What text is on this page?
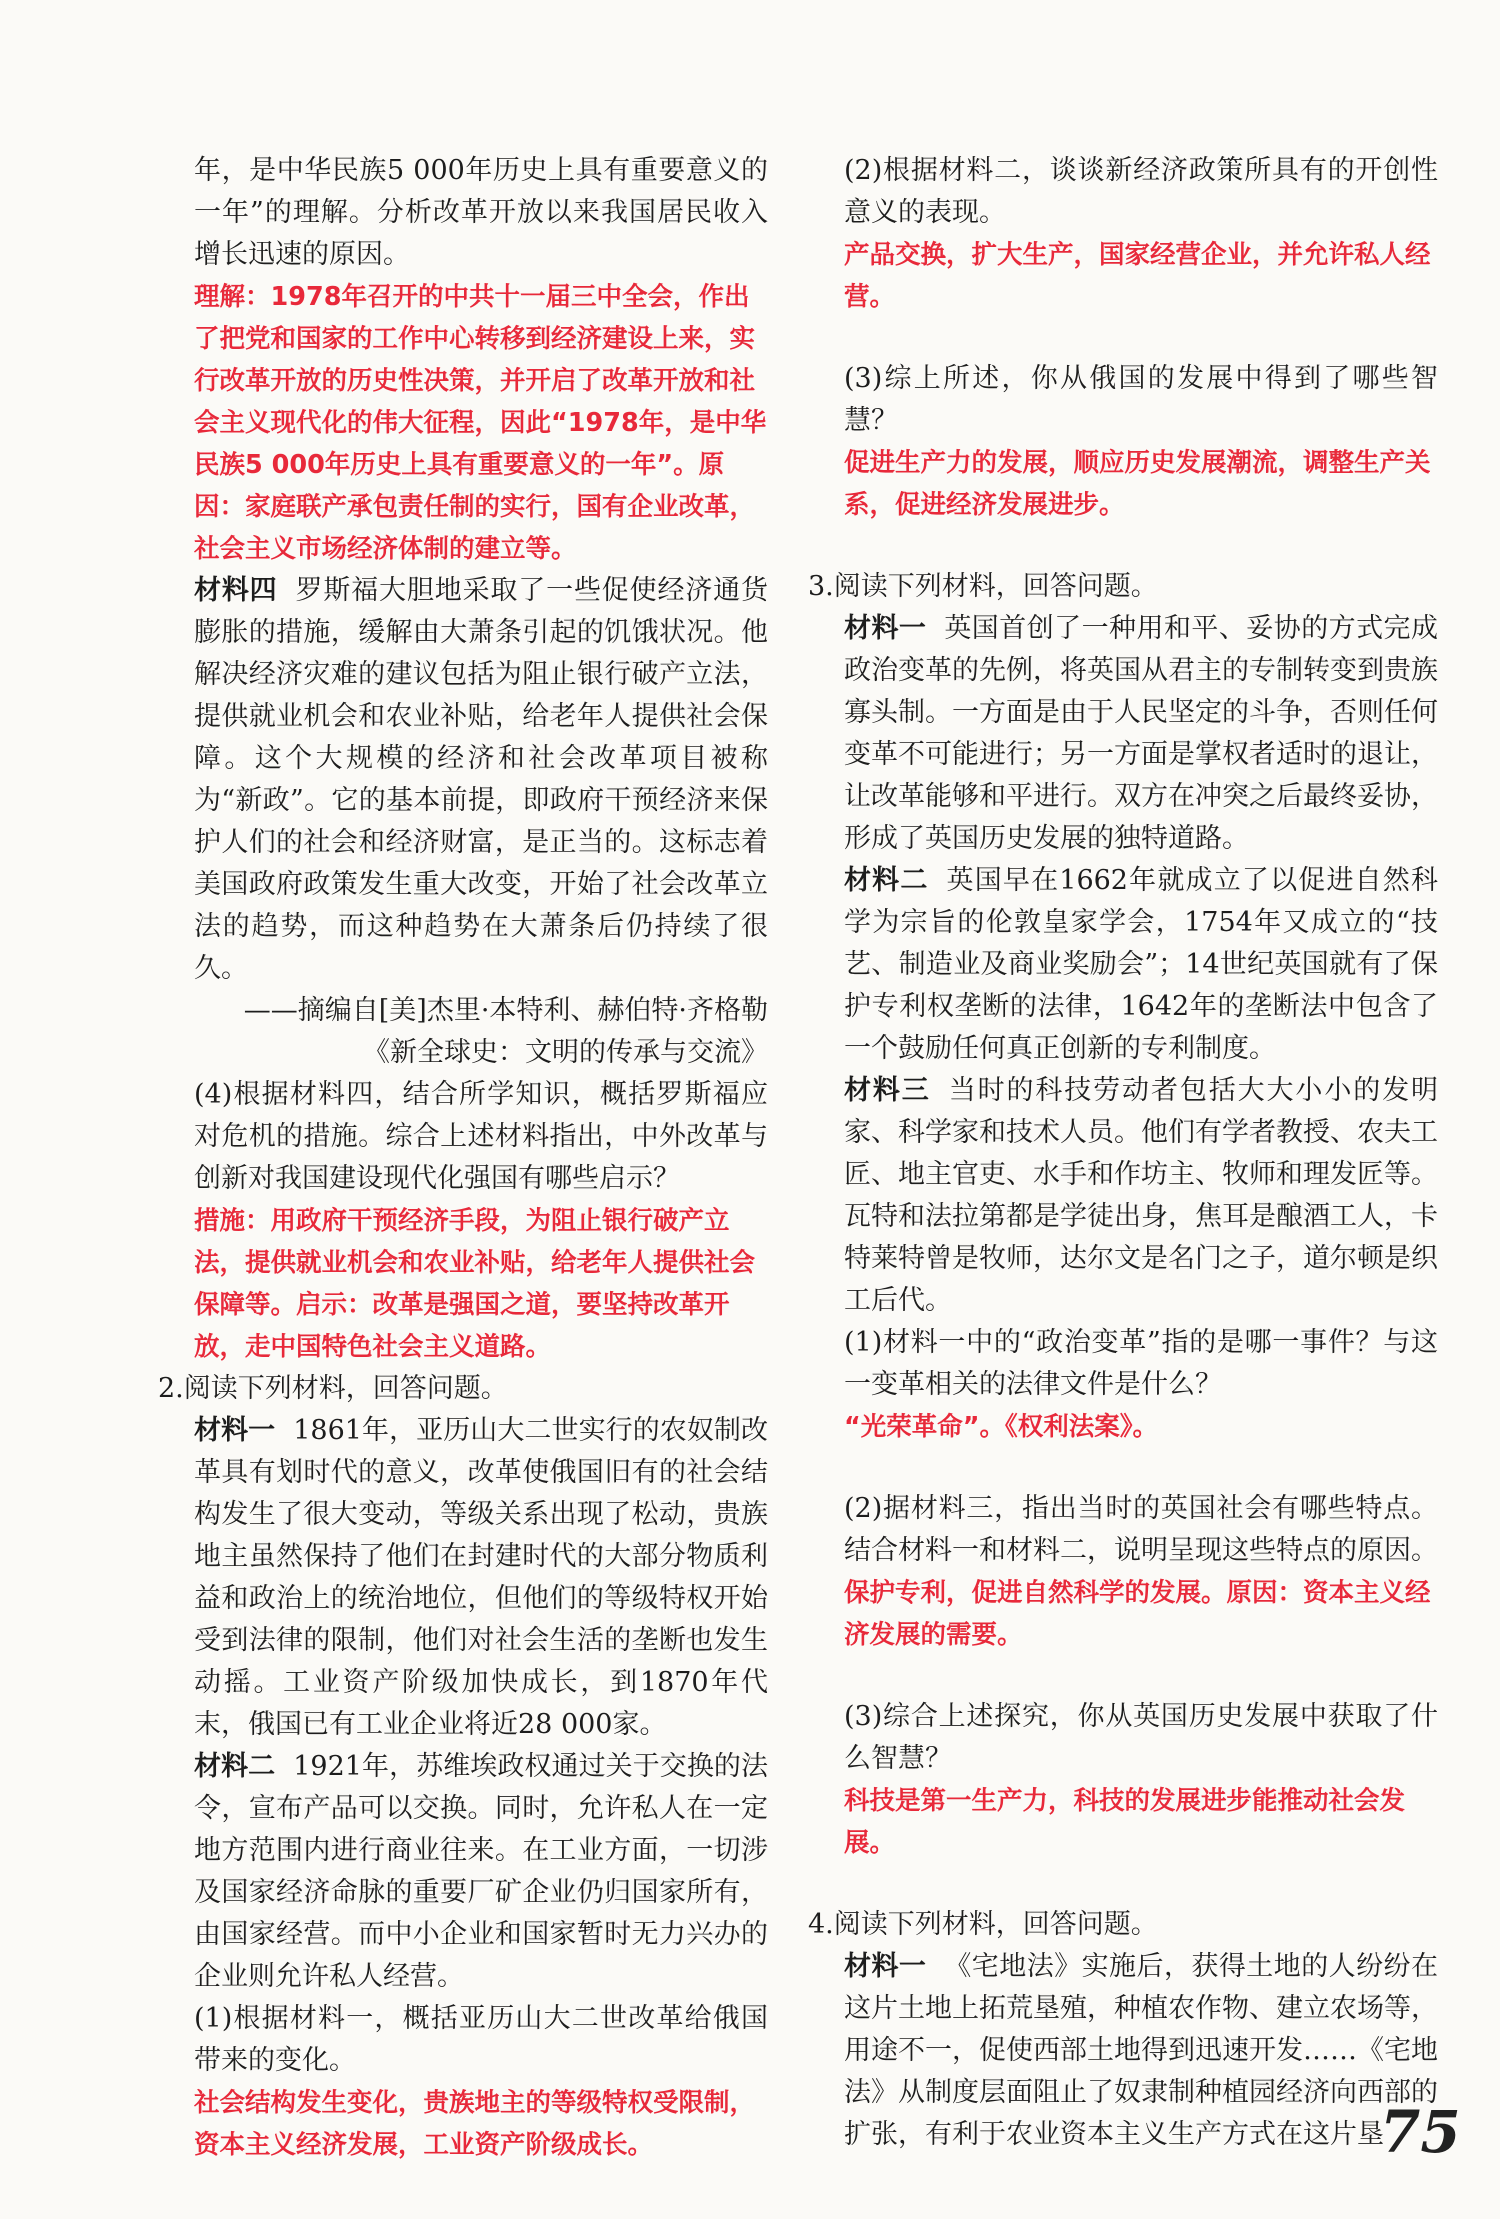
年，是中华民族5 000年历史上具有重要意义的一年”的理解。分析改革开放以来我国居民收入增长迅速的原因。

理解：1978年召开的中共十一届三中全会，作出了把党和国家的工作中心转移到经济建设上来，实行改革开放的历史性决策，并开启了改革开放和社会主义现代化的伟大征程，因此“1978年，是中华民族5 000年历史上具有重要意义的一年”。原因：家庭联产承包责任制的实行，国有企业改革，社会主义市场经济体制的建立等。

材料四 罗斯福大胆地采取了一些促使经济通货膨胀的措施，缓解由大萧条引起的饥饿状况。他解决经济灾难的建议包括为阻止银行破产立法，提供就业机会和农业补贴，给老年人提供社会保障。这个大规模的经济和社会改革项目被称为“新政”。它的基本前提，即政府干预经济来保护人们的社会和经济财富，是正当的。这标志着美国政府政策发生重大改变，开始了社会改革立法的趋势，而这种趋势在大萧条后仍持续了很久。

——摘编自[美]杰里·本特利、赫伯特·齐格勒

《新全球史：文明的传承与交流》

(4)根据材料四，结合所学知识，概括罗斯福应对危机的措施。综合上述材料指出，中外改革与创新对我国建设现代化强国有哪些启示？

措施：用政府干预经济手段，为阻止银行破产立法，提供就业机会和农业补贴，给老年人提供社会保障等。启示：改革是强国之道，要坚持改革开放，走中国特色社会主义道路。

2.阅读下列材料，回答问题。

材料一 1861年，亚历山大二世实行的农奴制改革具有划时代的意义，改革使俄国旧有的社会结构发生了很大变动，等级关系出现了松动，贵族地主虽然保持了他们在封建时代的大部分物质利益和政治上的统治地位，但他们的等级特权开始受到法律的限制，他们对社会生活的垄断也发生动摇。工业资产阶级加快成长，到1870年代末，俄国已有工业企业将近28 000家。

材料二 1921年，苏维埃政权通过关于交换的法令，宣布产品可以交换。同时，允许私人在一定地方范围内进行商业往来。在工业方面，一切涉及国家经济命脉的重要厂矿企业仍归国家所有，由国家经营。而中小企业和国家暂时无力兴办的企业则允许私人经营。

(1)根据材料一，概括亚历山大二世改革给俄国带来的变化。

社会结构发生变化，贵族地主的等级特权受限制，资本主义经济发展，工业资产阶级成长。

(2)根据材料二，谈谈新经济政策所具有的开创性意义的表现。

产品交换，扩大生产，国家经营企业，并允许私人经营。

(3)综上所述，你从俄国的发展中得到了哪些智慧？

促进生产力的发展，顺应历史发展潮流，调整生产关系，促进经济发展进步。

3.阅读下列材料，回答问题。

材料一 英国首创了一种用和平、妥协的方式完成政治变革的先例，将英国从君主的专制转变到贵族寡头制。一方面是由于人民坚定的斗争，否则任何变革不可能进行；另一方面是掌权者适时的退让，让改革能够和平进行。双方在冲突之后最终妥协，形成了英国历史发展的独特道路。

材料二 英国早在1662年就成立了以促进自然科学为宗旨的伦敦皇家学会，1754年又成立的“技艺、制造业及商业奖励会”；14世纪英国就有了保护专利权垄断的法律，1642年的垄断法中包含了一个鼓励任何真正创新的专利制度。

材料三 当时的科技劳动者包括大大小小的发明家、科学家和技术人员。他们有学者教授、农夫工匠、地主官吏、水手和作坊主、牧师和理发匠等。瓦特和法拉第都是学徒出身，焦耳是酿酒工人，卡特莱特曾是牧师，达尔文是名门之子，道尔顿是织工后代。

(1)材料一中的“政治变革”指的是哪一事件？与这一变革相关的法律文件是什么？

“光荣革命”。《权利法案》。

(2)据材料三，指出当时的英国社会有哪些特点。结合材料一和材料二，说明呈现这些特点的原因。

保护专利，促进自然科学的发展。原因：资本主义经济发展的需要。

(3)综合上述探究，你从英国历史发展中获取了什么智慧？

科技是第一生产力，科技的发展进步能推动社会发展。

4.阅读下列材料，回答问题。

材料一 《宅地法》实施后，获得土地的人纷纷在这片土地上拓荒垦殖，种植农作物、建立农场等，用途不一，促使西部土地得到迅速开发……《宅地法》从制度层面阻止了奴隶制种植园经济向西部的扩张，有利于农业资本主义生产方式在这片垦

75
